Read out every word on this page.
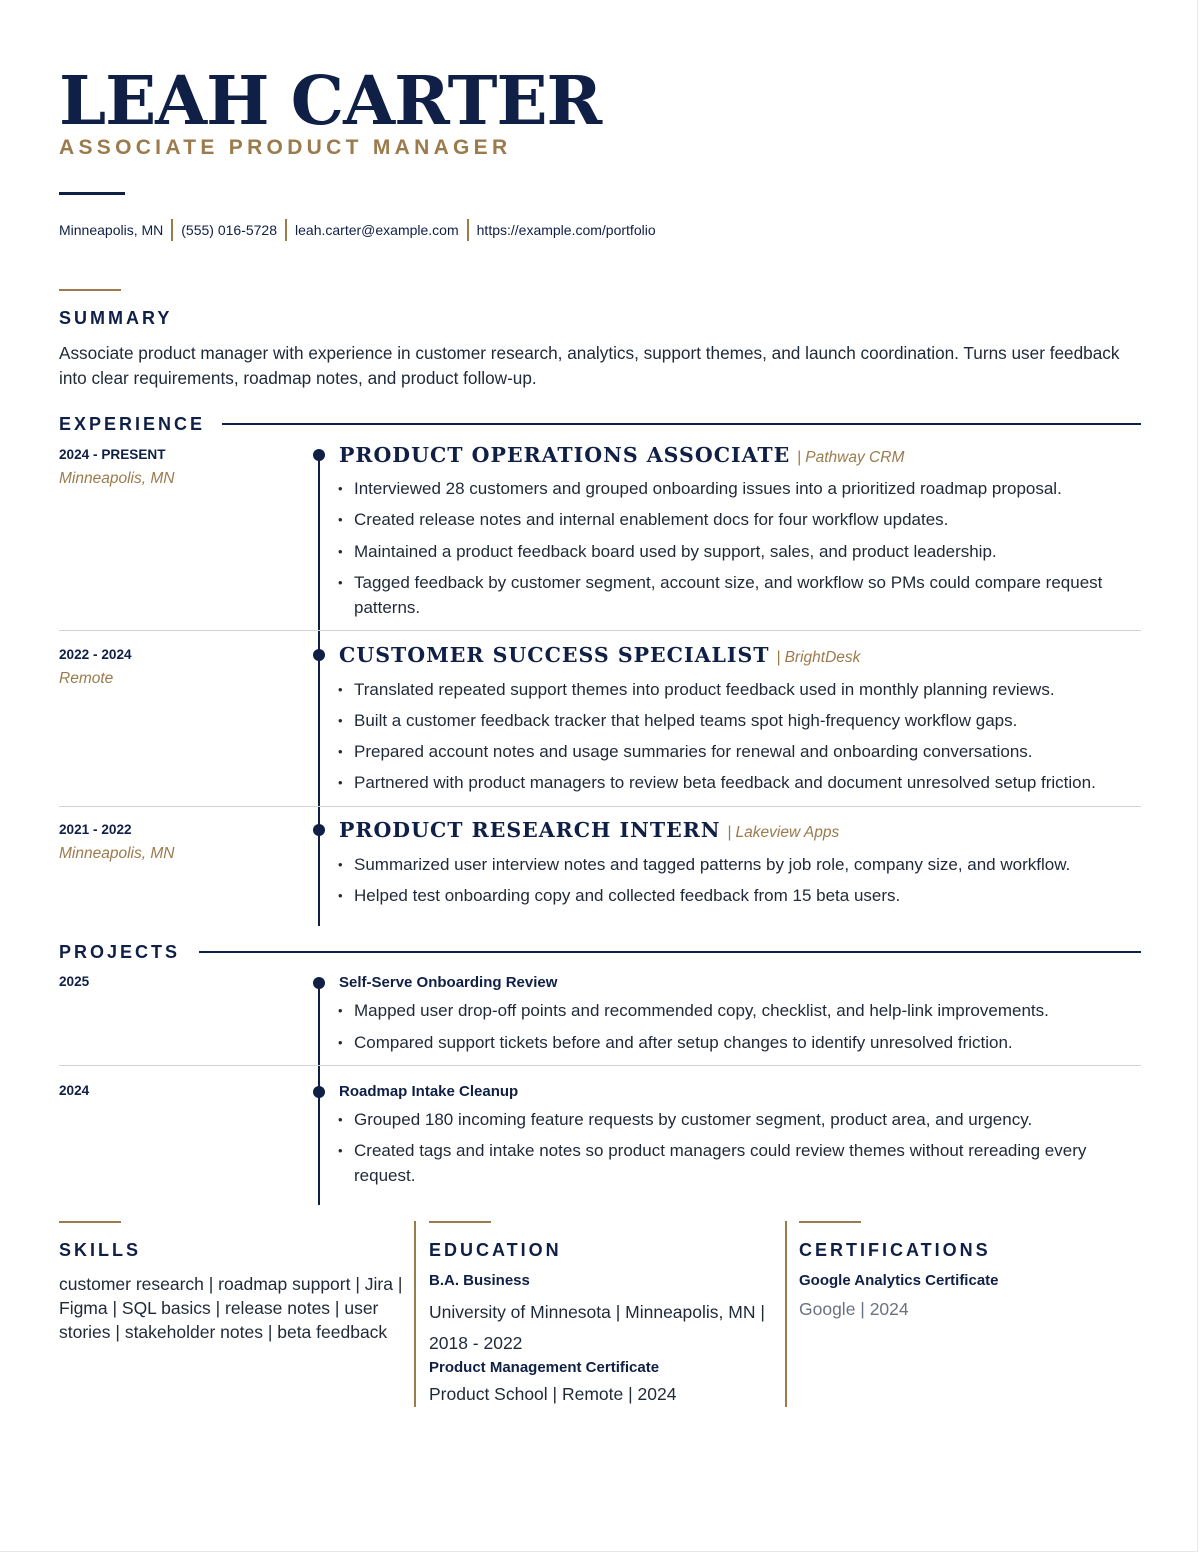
LEAH CARTER
ASSOCIATE PRODUCT MANAGER
Minneapolis, MN (555) 016-5728 leah.carter@example.com https://example.com/portfolio
SUMMARY
Associate product manager with experience in customer research, analytics, support themes, and launch coordination. Turns user feedback into clear requirements, roadmap notes, and product follow-up.
EXPERIENCE
2024 - PRESENT
Minneapolis, MN
PRODUCT OPERATIONS ASSOCIATE | Pathway CRM
• Interviewed 28 customers and grouped onboarding issues into a prioritized roadmap proposal.
• Created release notes and internal enablement docs for four workflow updates.
• Maintained a product feedback board used by support, sales, and product leadership.
• Tagged feedback by customer segment, account size, and workflow so PMs could compare request patterns.
2022 - 2024
Remote
CUSTOMER SUCCESS SPECIALIST | BrightDesk
• Translated repeated support themes into product feedback used in monthly planning reviews.
• Built a customer feedback tracker that helped teams spot high-frequency workflow gaps.
• Prepared account notes and usage summaries for renewal and onboarding conversations.
• Partnered with product managers to review beta feedback and document unresolved setup friction.
2021 - 2022
Minneapolis, MN
PRODUCT RESEARCH INTERN | Lakeview Apps
• Summarized user interview notes and tagged patterns by job role, company size, and workflow.
• Helped test onboarding copy and collected feedback from 15 beta users.
PROJECTS
2025	Self-Serve Onboarding Review
• Mapped user drop-off points and recommended copy, checklist, and help-link improvements.
• Compared support tickets before and after setup changes to identify unresolved friction.
2024	Roadmap Intake Cleanup
• Grouped 180 incoming feature requests by customer segment, product area, and urgency.
• Created tags and intake notes so product managers could review themes without rereading every request.
SKILLS
customer research | roadmap support | Jira | Figma | SQL basics | release notes | user stories | stakeholder notes | beta feedback
EDUCATION
B.A. Business
University of Minnesota | Minneapolis, MN | 2018 - 2022
Product Management Certificate
Product School | Remote | 2024
CERTIFICATIONS
Google Analytics Certificate
Google | 2024
